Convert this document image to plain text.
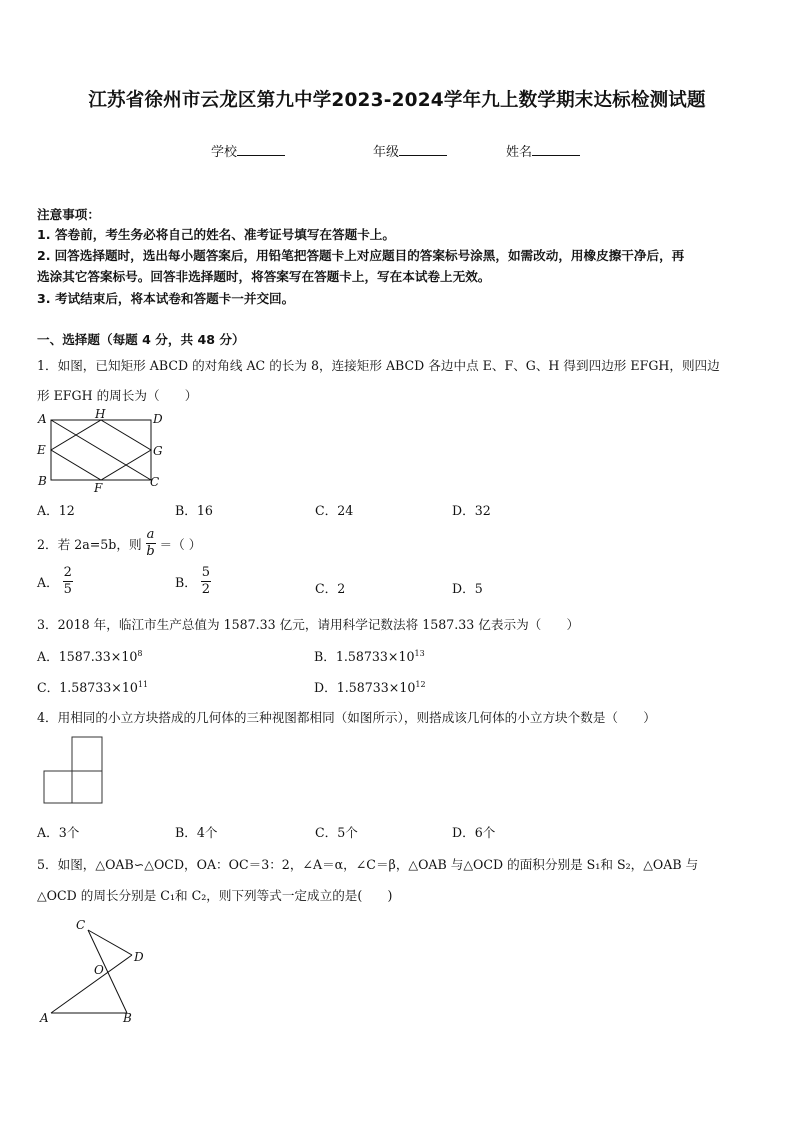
江苏省徐州市云龙区第九中学2023-2024学年九上数学期末达标检测试题
学校	年级	姓名
注意事项：
1. 答卷前，考生务必将自己的姓名、准考证号填写在答题卡上。
2. 回答选择题时，选出每小题答案后，用铅笔把答题卡上对应题目的答案标号涂黑，如需改动，用橡皮擦干净后，再
选涂其它答案标号。回答非选择题时，将答案写在答题卡上，写在本试卷上无效。
3. 考试结束后，将本试卷和答题卡一并交回。
一、选择题（每题 4 分，共 48 分）
1．如图，已知矩形 ABCD 的对角线 AC 的长为 8，连接矩形 ABCD 各边中点 E、F、G、H 得到四边形 EFGH，则四边
形 EFGH 的周长为（　　）
A	H	D
E	G
B	F	C
A．12	B．16	C．24	D．32
2．若 2a=5b，则 $\frac{a}{b}$ ＝（ ）
A． $\frac{2}{5}$	B． $\frac{5}{2}$	C．2	D．5
3．2018 年，临江市生产总值为 1587.33 亿元，请用科学记数法将 1587.33 亿表示为（　　）
A．$1587.33\times 10^8$	B．$1.58733\times 10^{13}$
C．$1.58733\times 10^{11}$	D．$1.58733\times 10^{12}$
4．用相同的小立方块搭成的几何体的三种视图都相同（如图所示），则搭成该几何体的小立方块个数是（　　）
A．3个	B．4个	C．5个	D．6个
5．如图，△OAB∽△OCD，OA：OC＝3：2，∠A＝α，∠C＝β，△OAB 与△OCD 的面积分别是 S₁和 S₂，△OAB 与
△OCD 的周长分别是 C₁和 C₂，则下列等式一定成立的是(　　)
C
D
O
A	B
